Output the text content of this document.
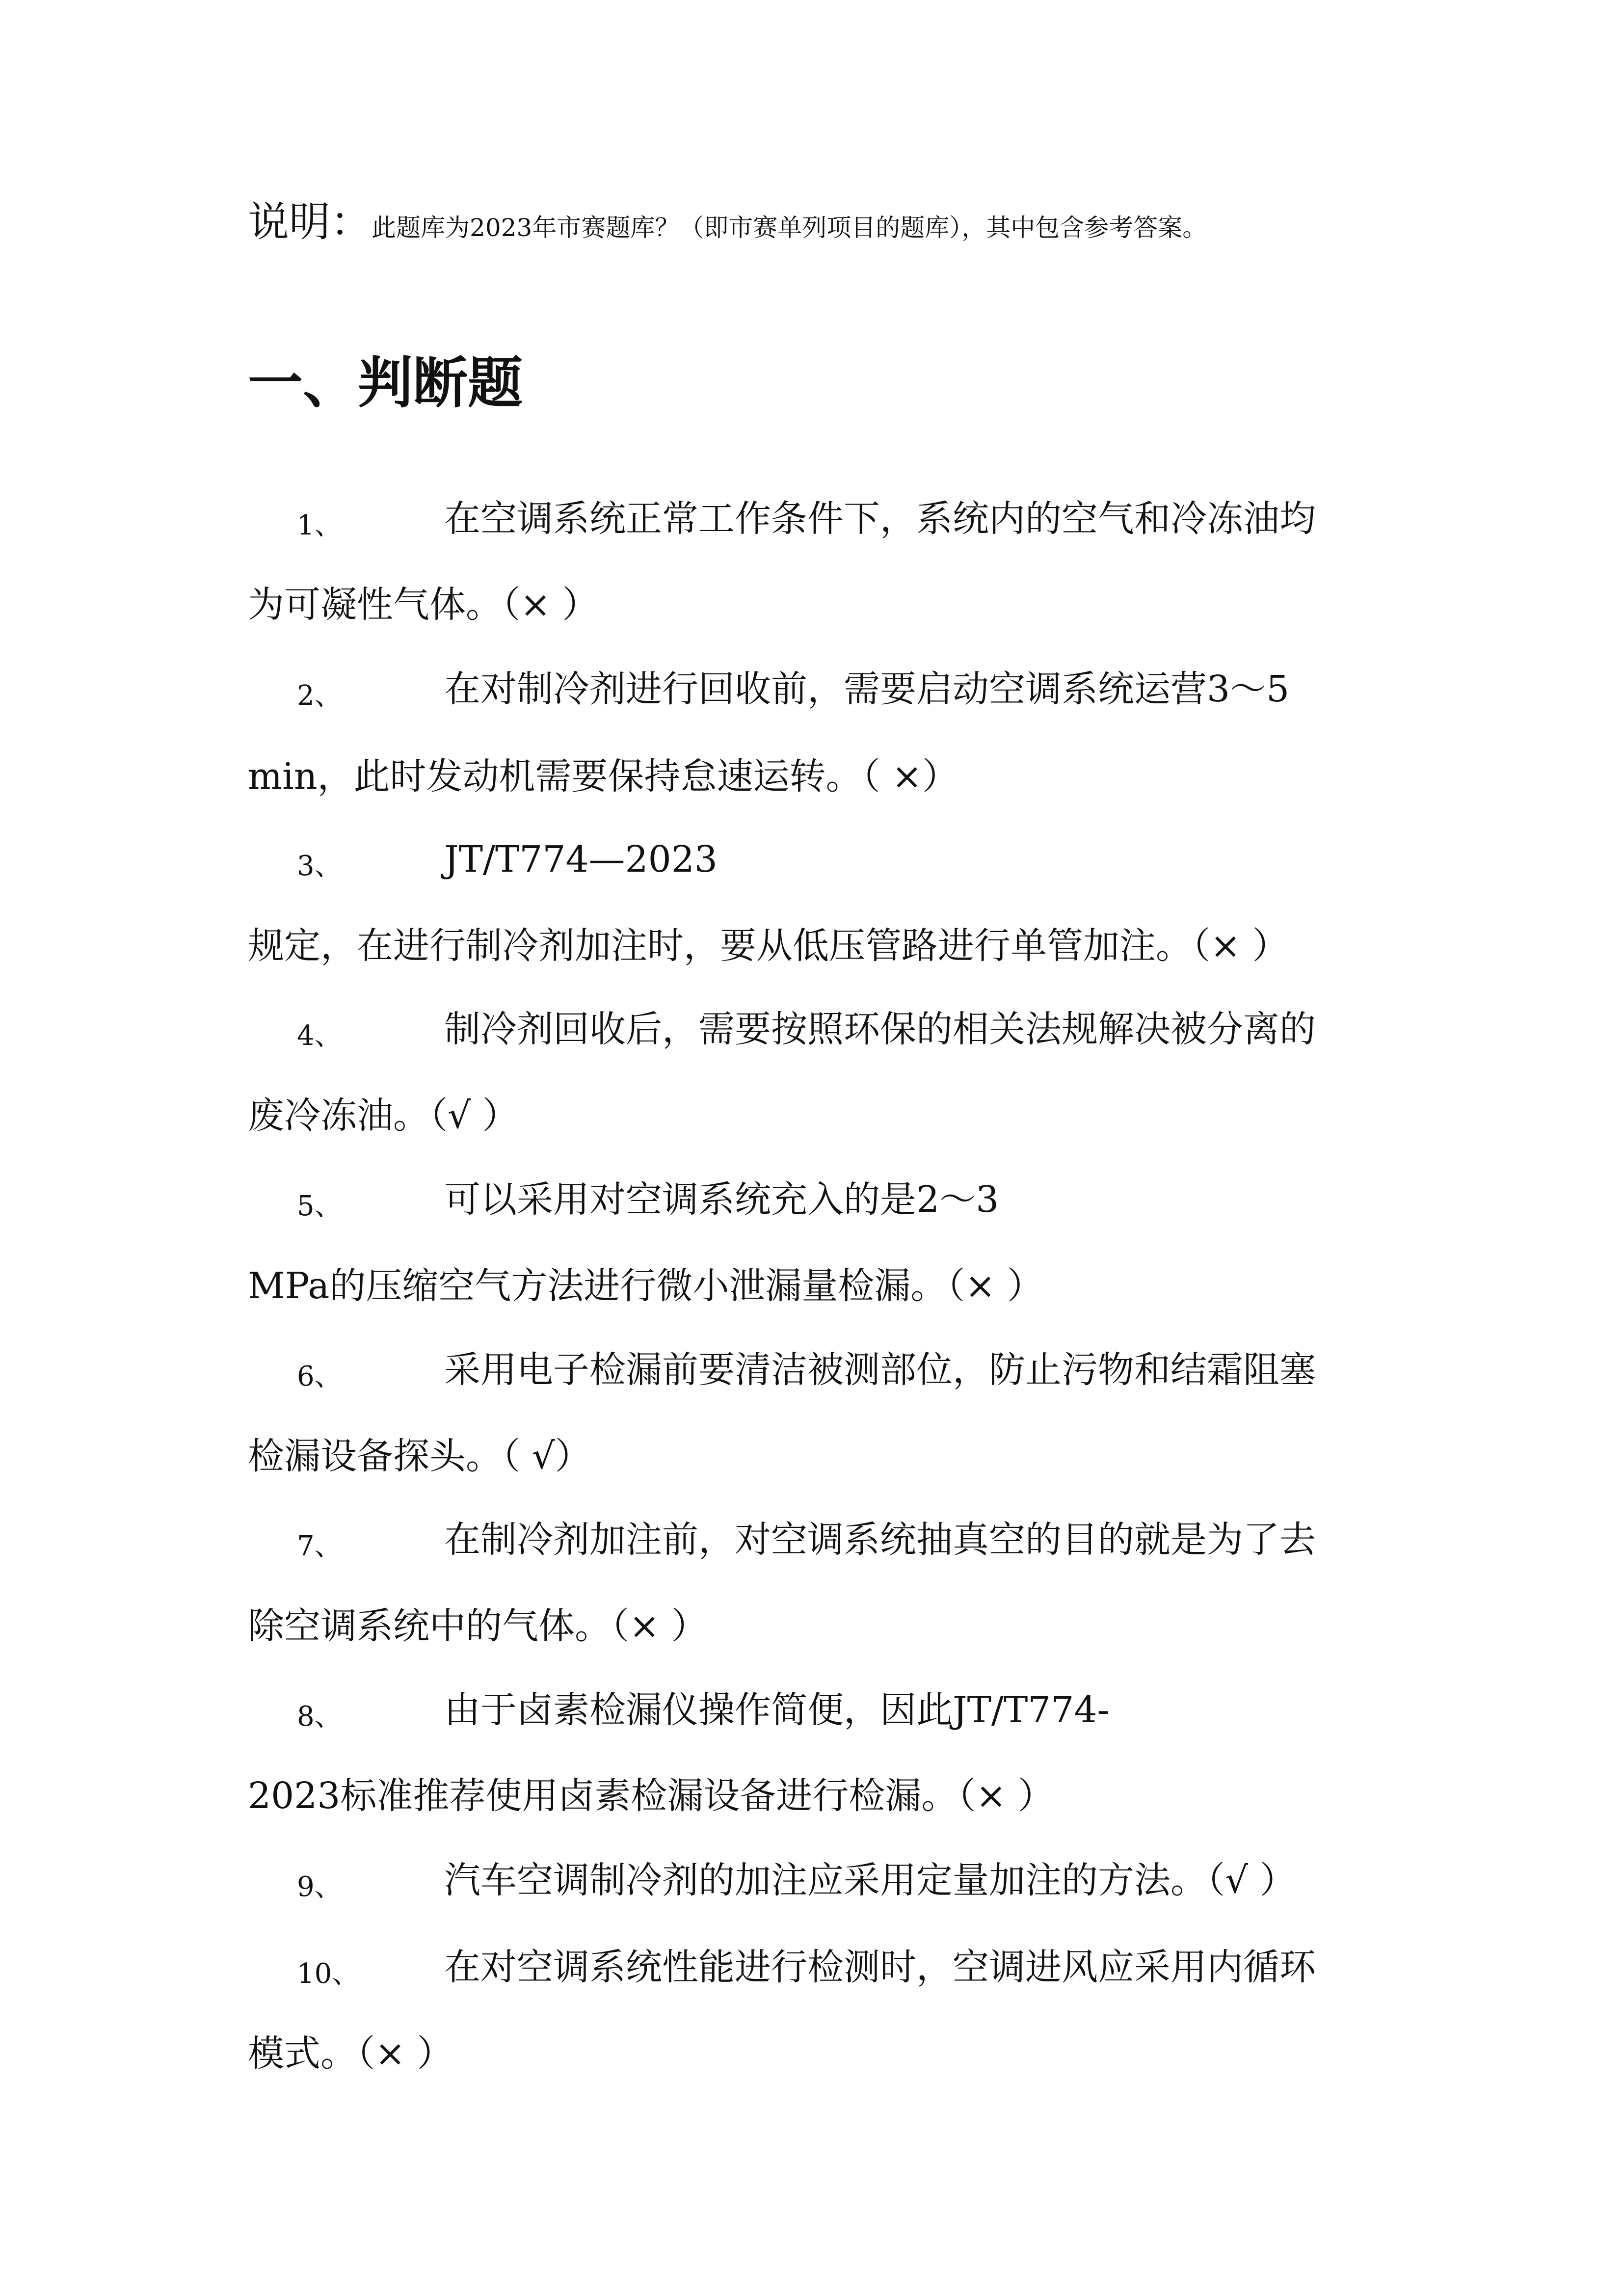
说明：此题库为2023年市赛题库？（即市赛单列项目的题库），其中包含参考答案。
一、判断题
1、	在空调系统正常工作条件下，系统内的空气和冷冻油均
为可凝性气体。（× ）
2、	在对制冷剂进行回收前，需要启动空调系统运营3～5
min，此时发动机需要保持怠速运转。（ ×）
3、	JT/T774—2023
规定，在进行制冷剂加注时，要从低压管路进行单管加注。（× ）
4、	制冷剂回收后，需要按照环保的相关法规解决被分离的
废冷冻油。（√ ）
5、	可以采用对空调系统充入的是2～3
MPa的压缩空气方法进行微小泄漏量检漏。（× ）
6、	采用电子检漏前要清洁被测部位，防止污物和结霜阻塞
检漏设备探头。（ √）
7、	在制冷剂加注前，对空调系统抽真空的目的就是为了去
除空调系统中的气体。（× ）
8、	由于卤素检漏仪操作简便，因此JT/T774-
2023标准推荐使用卤素检漏设备进行检漏。（× ）
9、	汽车空调制冷剂的加注应采用定量加注的方法。（√ ）
10、 在对空调系统性能进行检测时，空调进风应采用内循环
模式。（× ）
